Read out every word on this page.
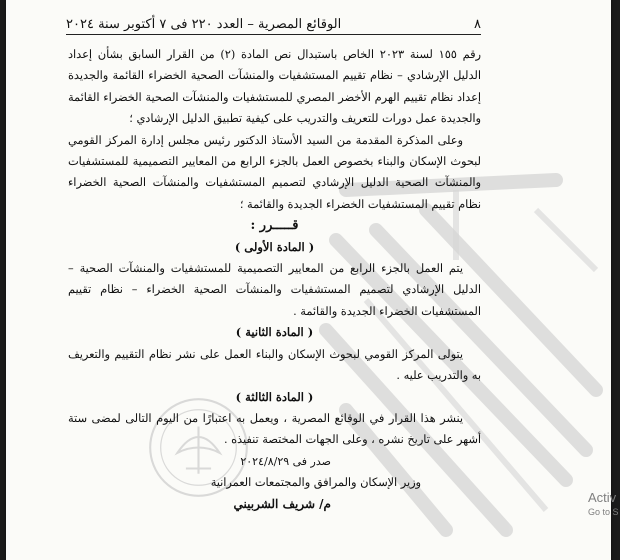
٨
الوقائع المصرية – العدد ٢٢٠ فى ٧ أكتوبر سنة ٢٠٢٤

رقم ١٥٥ لسنة ٢٠٢٣ الخاص باستبدال نص المادة (٢) من القرار السابق بشأن إعداد الدليل الإرشادي – نظام تقييم المستشفيات والمنشآت الصحية الخضراء القائمة والجديدة إعداد نظام تقييم الهرم الأخضر المصري للمستشفيات والمنشآت الصحية الخضراء القائمة والجديدة عمل دورات للتعريف والتدريب على كيفية تطبيق الدليل الإرشادي ؛

وعلى المذكرة المقدمة من السيد الأستاذ الدكتور رئيس مجلس إدارة المركز القومي لبحوث الإسكان والبناء بخصوص العمل بالجزء الرابع من المعايير التصميمية للمستشفيات والمنشآت الصحية الدليل الإرشادي لتصميم المستشفيات والمنشآت الصحية الخضراء نظام تقييم المستشفيات الخضراء الجديدة والقائمة ؛

قـــــرر :

( المادة الأولى )

يتم العمل بالجزء الرابع من المعايير التصميمية للمستشفيات والمنشآت الصحية – الدليل الإرشادي لتصميم المستشفيات والمنشآت الصحية الخضراء – نظام تقييم المستشفيات الخضراء الجديدة والقائمة .

( المادة الثانية )

يتولى المركز القومي لبحوث الإسكان والبناء العمل على نشر نظام التقييم والتعريف به والتدريب عليه .

( المادة الثالثة )

ينشر هذا القرار في الوقائع المصرية ، ويعمل به اعتبارًا من اليوم التالى لمضى ستة أشهر على تاريخ نشره ، وعلى الجهات المختصة تنفيذه .

صدر فى ٢٠٢٤/٨/٢٩

وزير الإسكان والمرافق والمجتمعات العمرانية

م/ شريف الشربيني	Activ
Go to S
